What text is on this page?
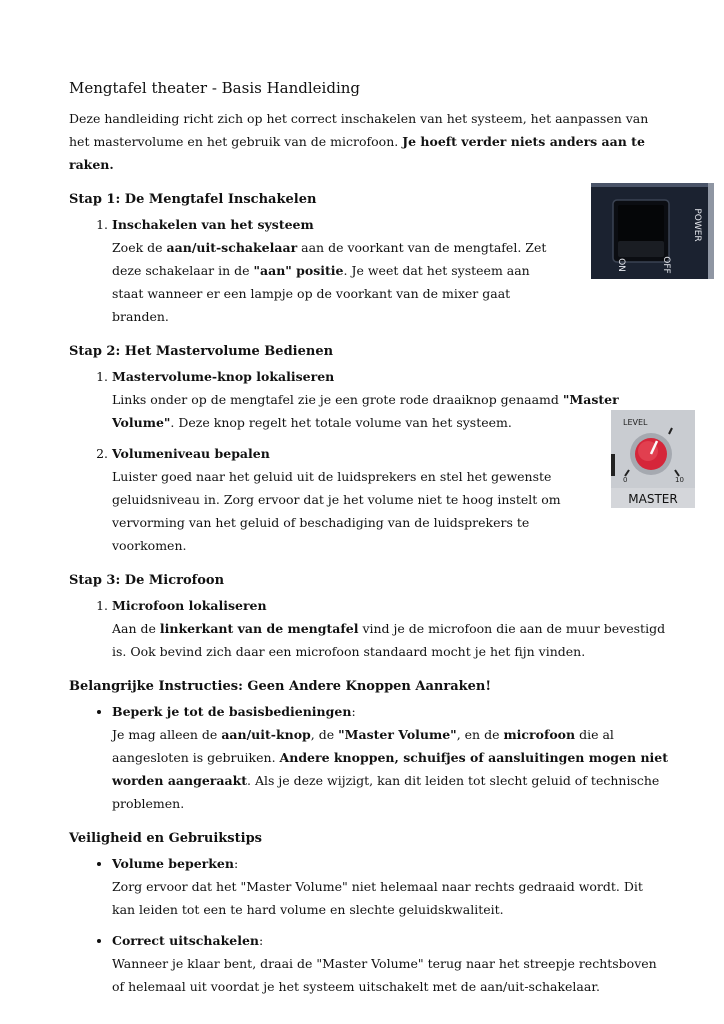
Mengtafel theater - Basis Handleiding

Deze handleiding richt zich op het correct inschakelen van het systeem, het aanpassen van het mastervolume en het gebruik van de microfoon. Je hoeft verder niets anders aan te raken.

Stap 1: De Mengtafel Inschakelen
1. Inschakelen van het systeem
Zoek de aan/uit-schakelaar aan de voorkant van de mengtafel. Zet deze schakelaar in de "aan" positie. Je weet dat het systeem aan staat wanneer er een lampje op de voorkant van de mixer gaat branden.
Stap 2: Het Mastervolume Bedienen
1. Mastervolume-knop lokaliseren
Links onder op de mengtafel zie je een grote rode draaiknop genaamd "Master Volume". Deze knop regelt het totale volume van het systeem.
2. Volumeniveau bepalen
Luister goed naar het geluid uit de luidsprekers en stel het gewenste geluidsniveau in. Zorg ervoor dat je het volume niet te hoog instelt om vervorming van het geluid of beschadiging van de luidsprekers te voorkomen.
Stap 3: De Microfoon
1. Microfoon lokaliseren
Aan de linkerkant van de mengtafel vind je de microfoon die aan de muur bevestigd is. Ook bevind zich daar een microfoon standaard mocht je het fijn vinden.
Belangrijke Instructies: Geen Andere Knoppen Aanraken!
• Beperk je tot de basisbedieningen:
Je mag alleen de aan/uit-knop, de "Master Volume", en de microfoon die al aangesloten is gebruiken. Andere knoppen, schuifjes of aansluitingen mogen niet worden aangeraakt. Als je deze wijzigt, kan dit leiden tot slecht geluid of technische problemen.
Veiligheid en Gebruikstips
• Volume beperken:
Zorg ervoor dat het "Master Volume" niet helemaal naar rechts gedraaid wordt. Dit kan leiden tot een te hard volume en slechte geluidskwaliteit.
• Correct uitschakelen:
Wanneer je klaar bent, draai de "Master Volume" terug naar het streepje rechtsboven of helemaal uit voordat je het systeem uitschakelt met de aan/uit-schakelaar.
POWER
ON	OFF
LEVEL
0	10
MASTER
